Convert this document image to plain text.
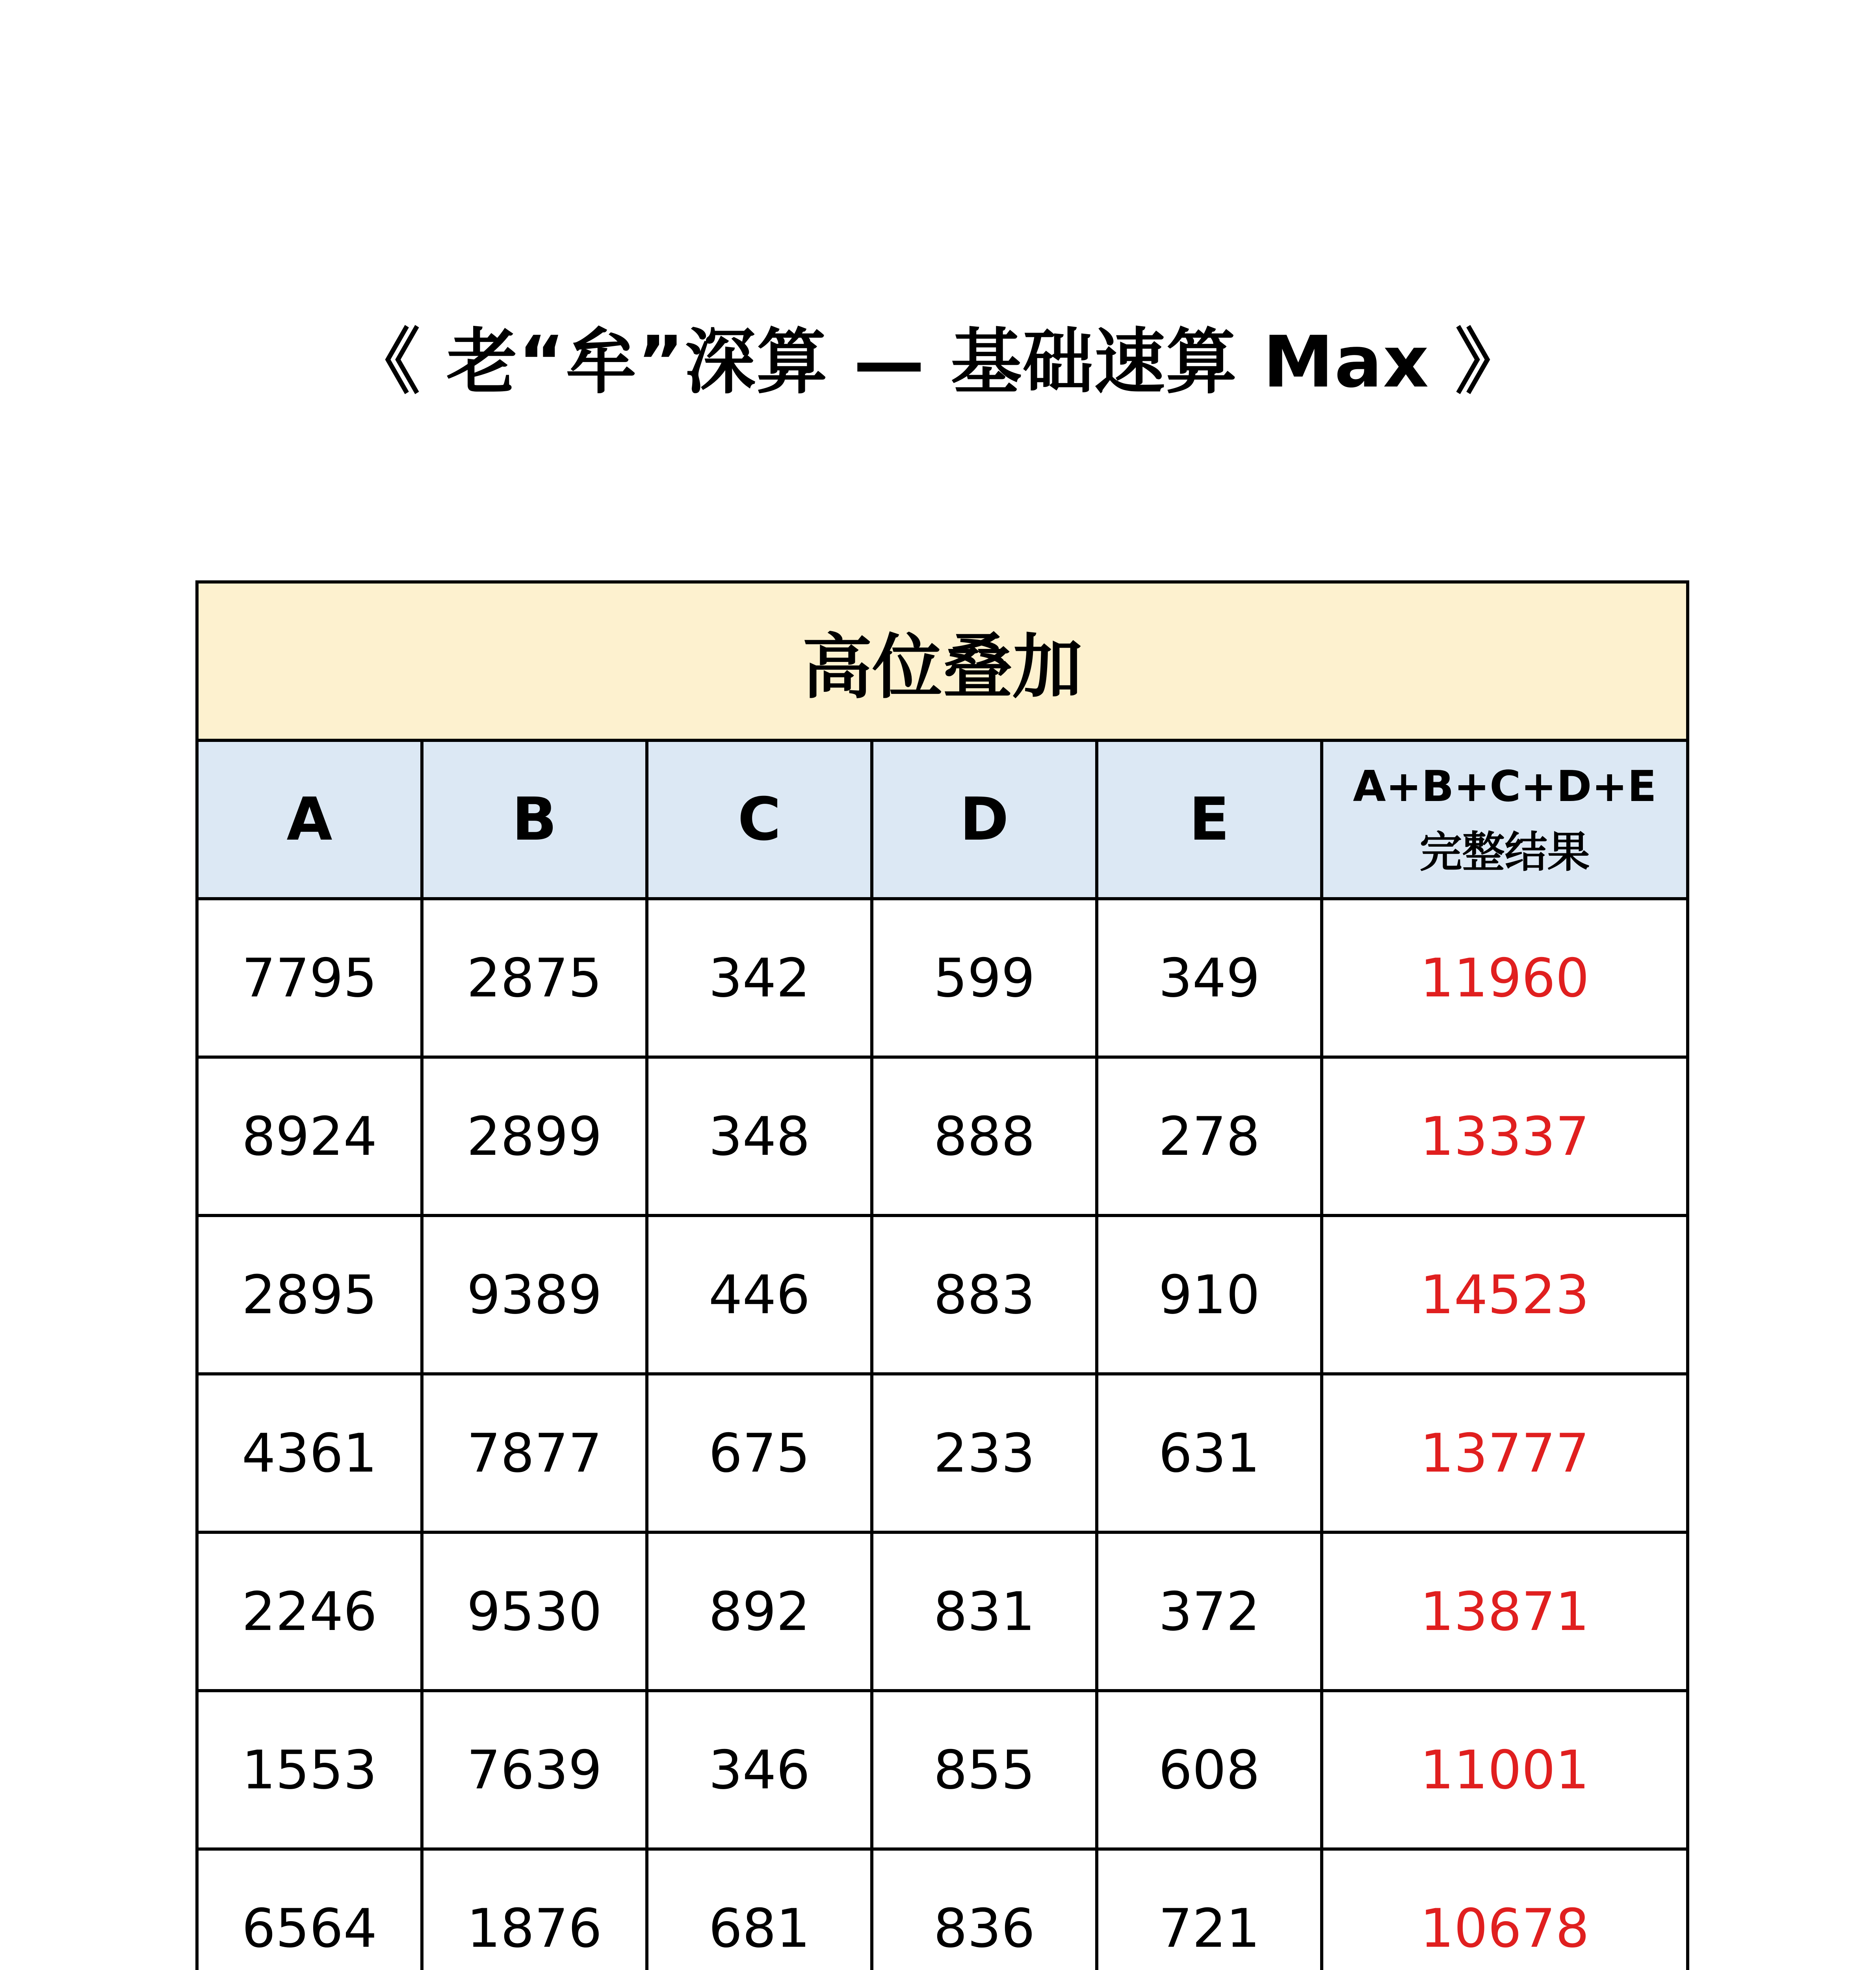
《 老“牟”深算 — 基础速算 Max 》
高位叠加					
A	B	C	D	E	A+B+C+D+E
完整结果

7795	2875	342	599	349	11960
8924	2899	348	888	278	13337
2895	9389	446	883	910	14523
4361	7877	675	233	631	13777
2246	9530	892	831	372	13871
1553	7639	346	855	608	11001
6564	1876	681	836	721	10678
